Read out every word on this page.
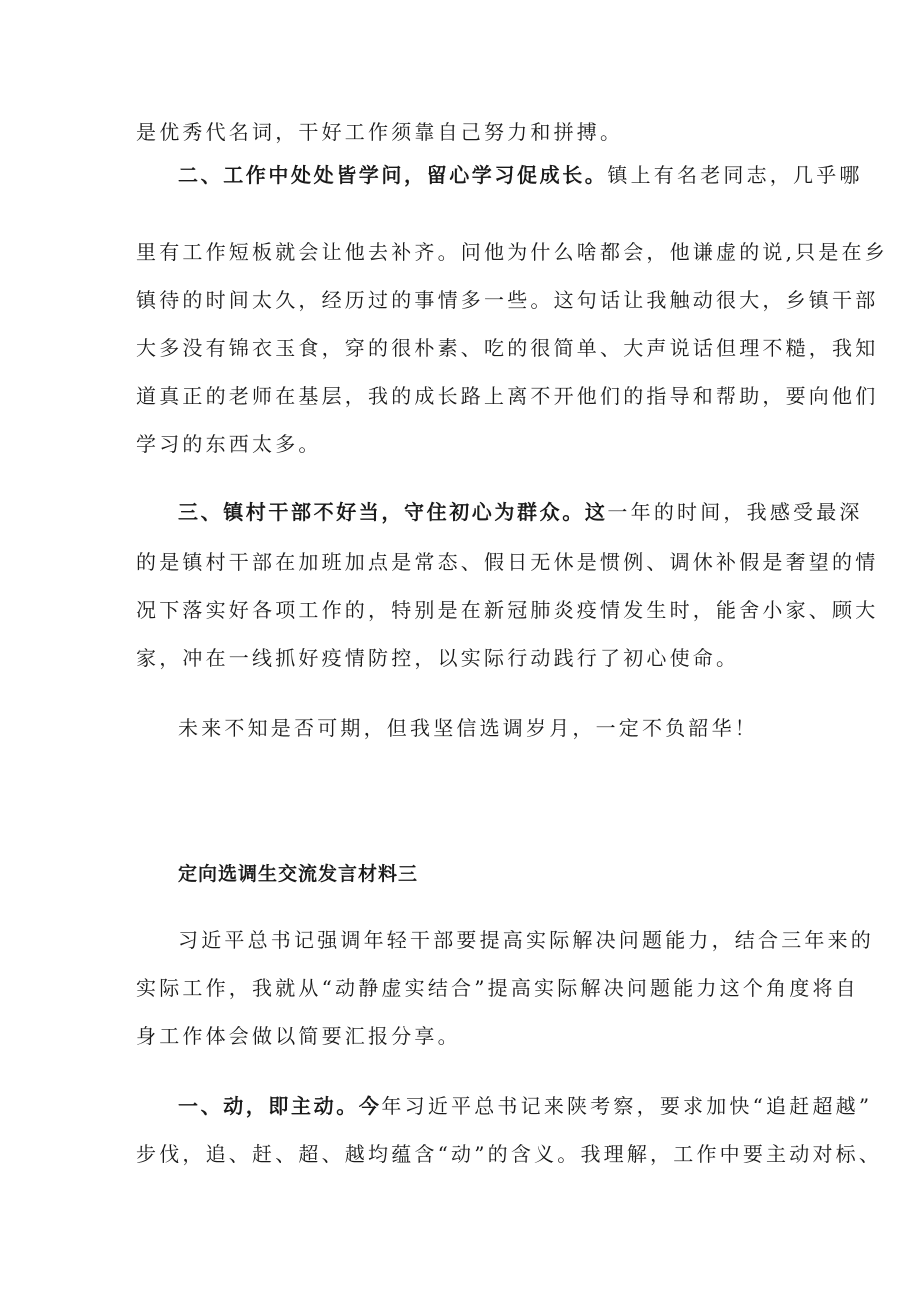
是优秀代名词，干好工作须靠自己努力和拼搏。
二、工作中处处皆学问，留心学习促成长。镇上有名老同志，几乎哪
里有工作短板就会让他去补齐。问他为什么啥都会，他谦虚的说,只是在乡
镇待的时间太久，经历过的事情多一些。这句话让我触动很大，乡镇干部
大多没有锦衣玉食，穿的很朴素、吃的很简单、大声说话但理不糙，我知
道真正的老师在基层，我的成长路上离不开他们的指导和帮助，要向他们
学习的东西太多。
三、镇村干部不好当，守住初心为群众。这一年的时间，我感受最深
的是镇村干部在加班加点是常态、假日无休是惯例、调休补假是奢望的情
况下落实好各项工作的，特别是在新冠肺炎疫情发生时，能舍小家、顾大
家，冲在一线抓好疫情防控，以实际行动践行了初心使命。
未来不知是否可期，但我坚信选调岁月，一定不负韶华！
定向选调生交流发言材料三
习近平总书记强调年轻干部要提高实际解决问题能力，结合三年来的
实际工作，我就从“动静虚实结合”提高实际解决问题能力这个角度将自
身工作体会做以简要汇报分享。
一、动，即主动。今年习近平总书记来陕考察，要求加快“追赶超越”
步伐，追、赶、超、越均蕴含“动”的含义。我理解，工作中要主动对标、
